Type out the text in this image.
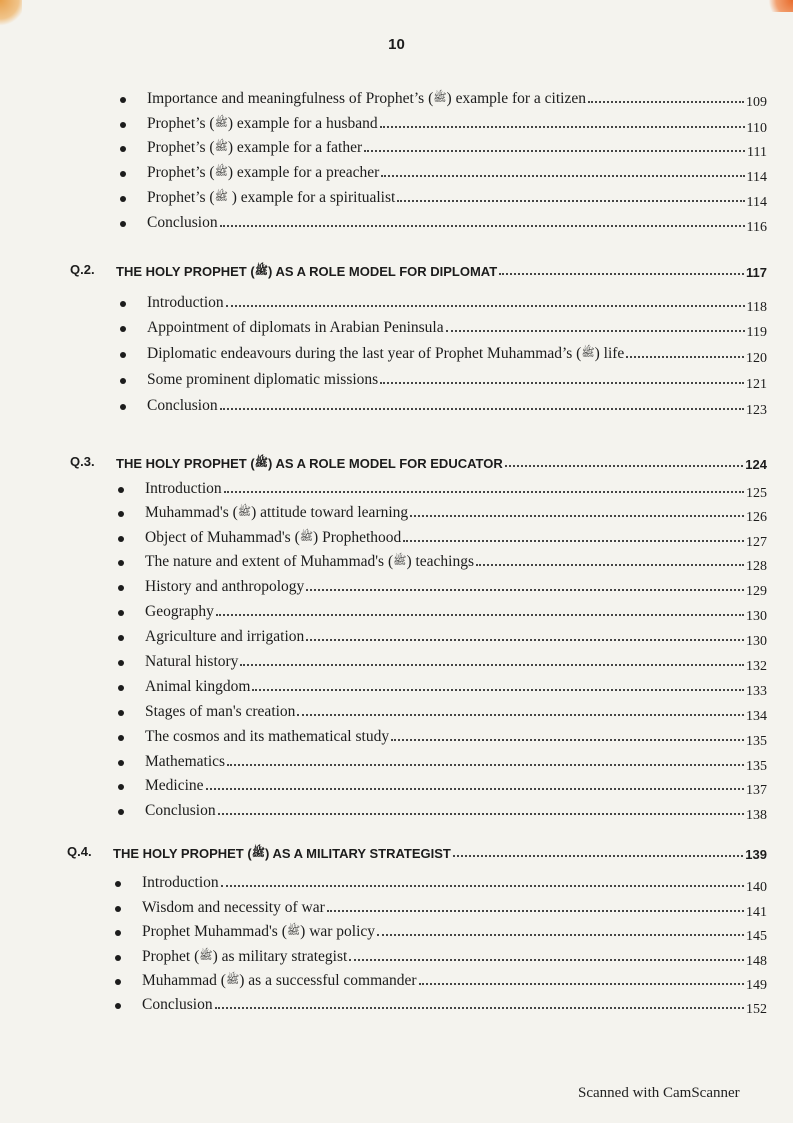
10
Importance and meaningfulness of Prophet’s (ﷺ) example for a citizen	109
Prophet’s (ﷺ) example for a husband	110
Prophet’s (ﷺ) example for a father	111
Prophet’s (ﷺ) example for a preacher	114
Prophet’s (ﷺ ) example for a spiritualist	114
Conclusion	116
Q.2. THE HOLY PROPHET (ﷺ) AS A ROLE MODEL FOR DIPLOMAT	117
Introduction	118
Appointment of diplomats in Arabian Peninsula	119
Diplomatic endeavours during the last year of Prophet Muhammad’s (ﷺ) life	120
Some prominent diplomatic missions	121
Conclusion	123
Q.3. THE HOLY PROPHET (ﷺ) AS A ROLE MODEL FOR EDUCATOR	124
Introduction	125
Muhammad's (ﷺ) attitude toward learning	126
Object of Muhammad's (ﷺ) Prophethood	127
The nature and extent of Muhammad's (ﷺ) teachings	128
History and anthropology	129
Geography	130
Agriculture and irrigation	130
Natural history	132
Animal kingdom	133
Stages of man's creation	134
The cosmos and its mathematical study	135
Mathematics	135
Medicine	137
Conclusion	138
Q.4. THE HOLY PROPHET (ﷺ) AS A MILITARY STRATEGIST	139
Introduction	140
Wisdom and necessity of war	141
Prophet Muhammad's (ﷺ) war policy	145
Prophet (ﷺ) as military strategist	148
Muhammad (ﷺ) as a successful commander	149
Conclusion	152
Scanned with CamScanner
